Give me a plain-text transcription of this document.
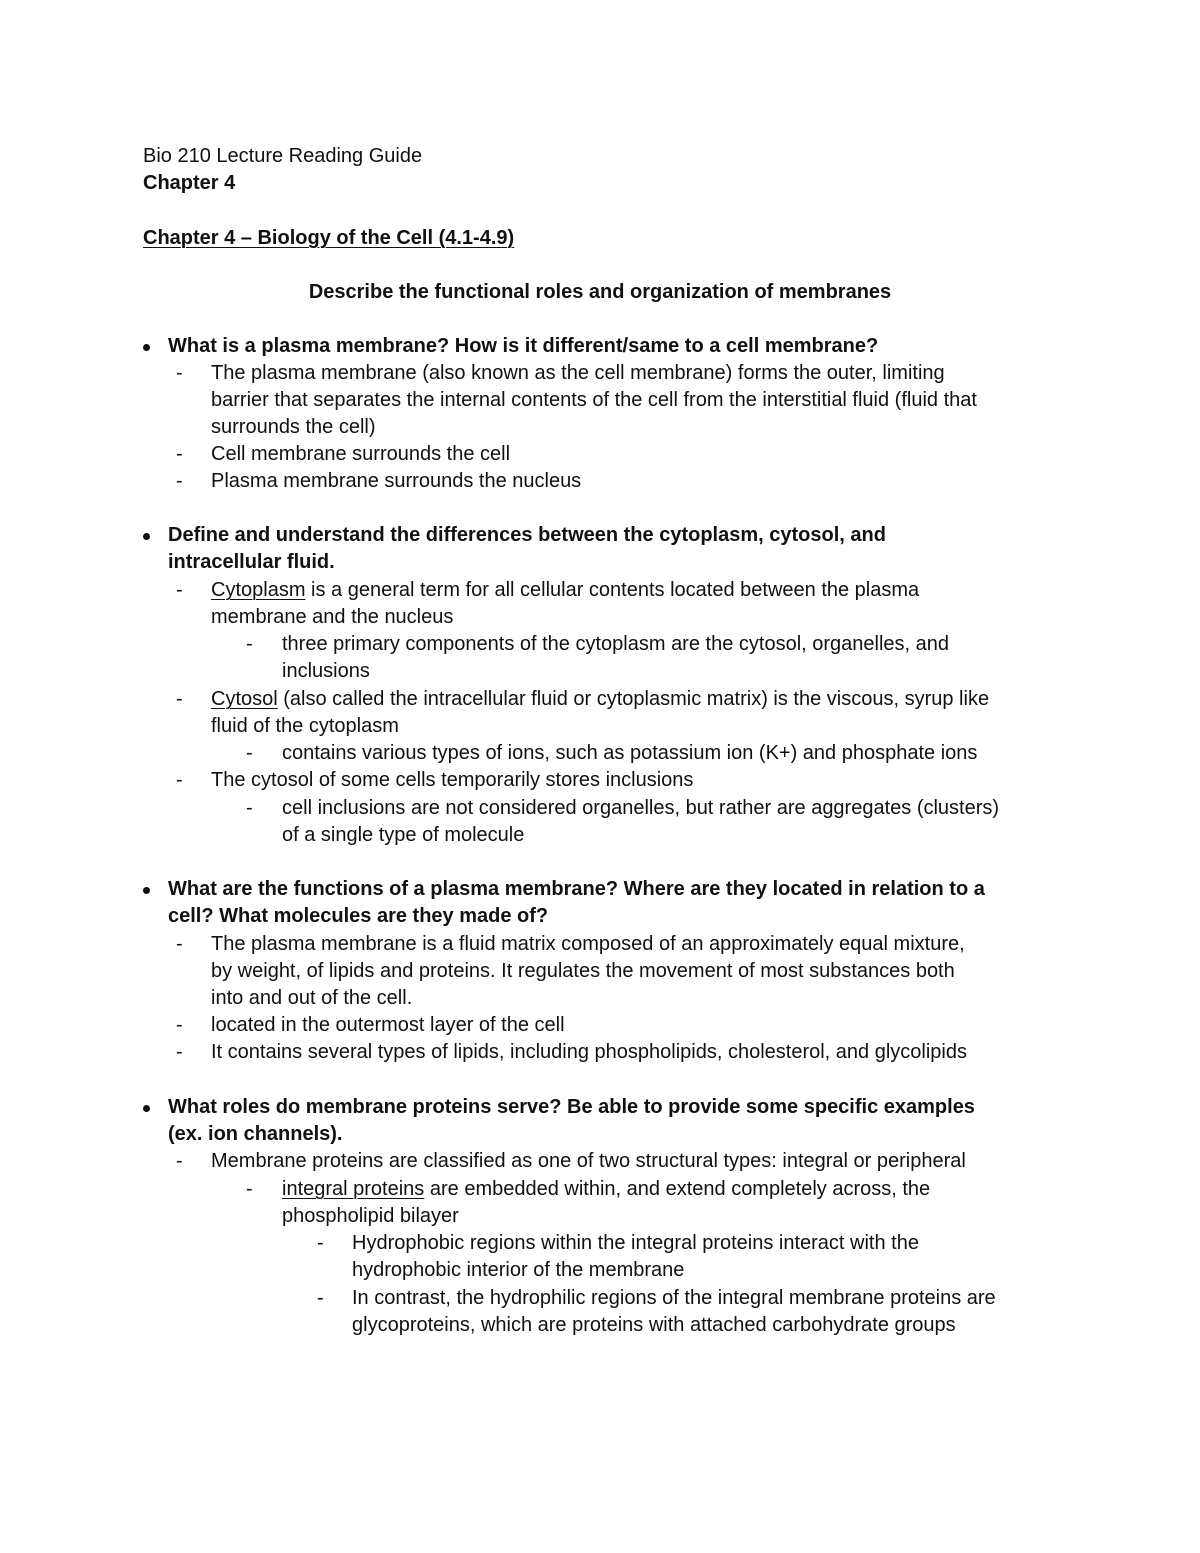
Bio 210 Lecture Reading Guide
Chapter 4
Chapter 4 – Biology of the Cell (4.1-4.9)
Describe the functional roles and organization of membranes
What is a plasma membrane? How is it different/same to a cell membrane?
- The plasma membrane (also known as the cell membrane) forms the outer, limiting
barrier that separates the internal contents of the cell from the interstitial fluid (fluid that
surrounds the cell)
- Cell membrane surrounds the cell
- Plasma membrane surrounds the nucleus
Define and understand the differences between the cytoplasm, cytosol, and
intracellular fluid.
- Cytoplasm is a general term for all cellular contents located between the plasma
membrane and the nucleus
- three primary components of the cytoplasm are the cytosol, organelles, and
inclusions
- Cytosol (also called the intracellular fluid or cytoplasmic matrix) is the viscous, syrup like
fluid of the cytoplasm
- contains various types of ions, such as potassium ion (K+) and phosphate ions
- The cytosol of some cells temporarily stores inclusions
- cell inclusions are not considered organelles, but rather are aggregates (clusters)
of a single type of molecule
What are the functions of a plasma membrane? Where are they located in relation to a
cell? What molecules are they made of?
- The plasma membrane is a fluid matrix composed of an approximately equal mixture,
by weight, of lipids and proteins. It regulates the movement of most substances both
into and out of the cell.
- located in the outermost layer of the cell
- It contains several types of lipids, including phospholipids, cholesterol, and glycolipids
What roles do membrane proteins serve? Be able to provide some specific examples
(ex. ion channels).
- Membrane proteins are classified as one of two structural types: integral or peripheral
- integral proteins are embedded within, and extend completely across, the
phospholipid bilayer
- Hydrophobic regions within the integral proteins interact with the
hydrophobic interior of the membrane
- In contrast, the hydrophilic regions of the integral membrane proteins are
glycoproteins, which are proteins with attached carbohydrate groups
